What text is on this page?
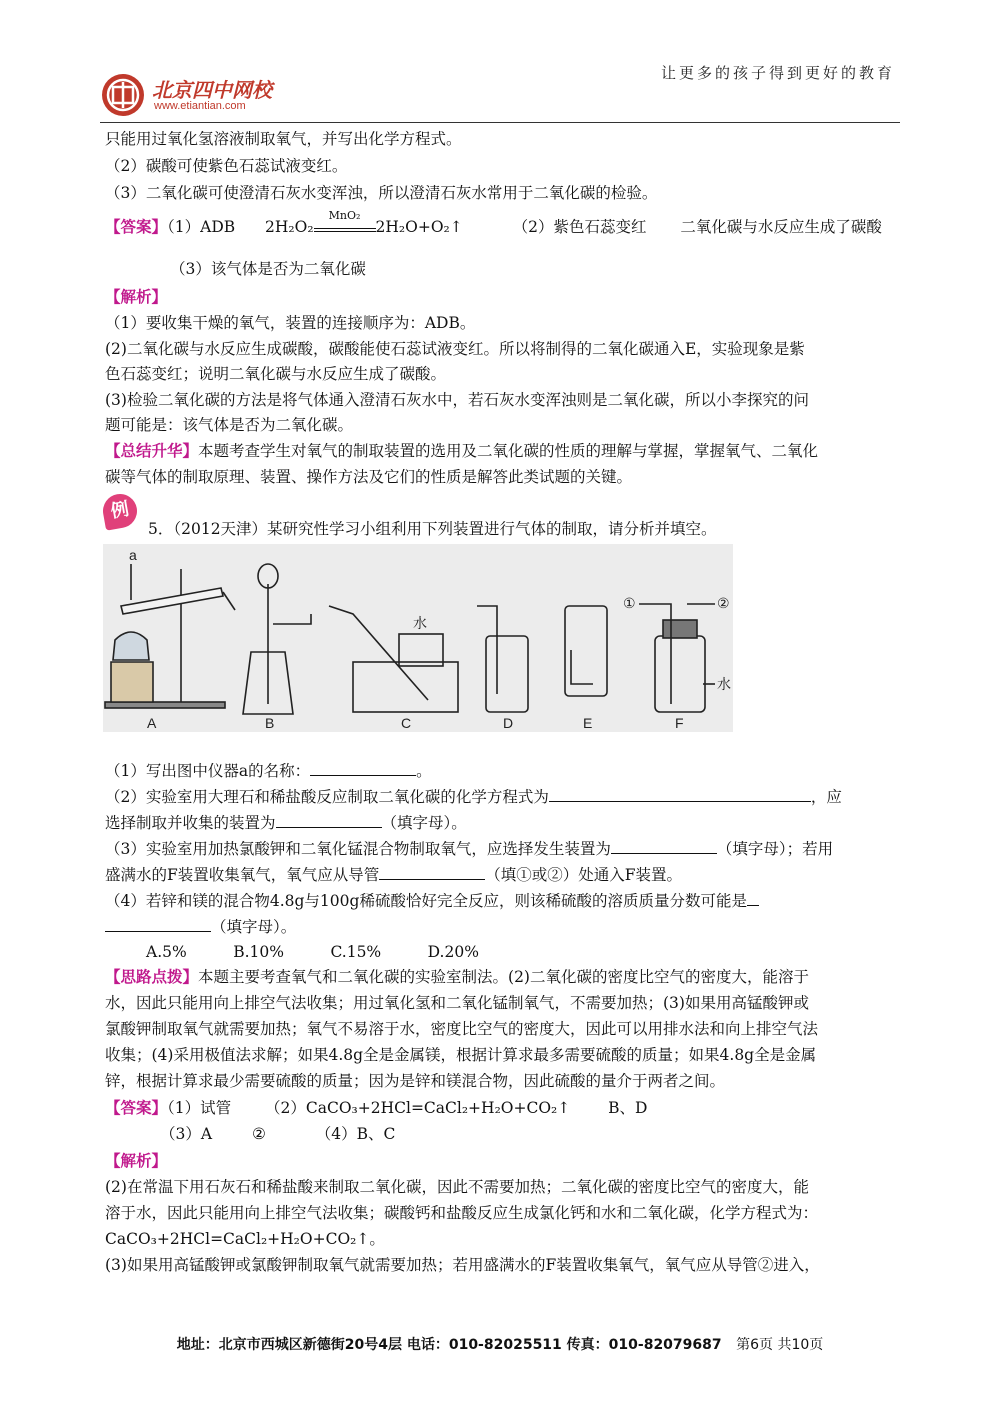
北京四中网校
www.etiantian.com
让更多的孩子得到更好的教育
只能用过氧化氢溶液制取氧气，并写出化学方程式。
（2）碳酸可使紫色石蕊试液变红。
（3）二氧化碳可使澄清石灰水变浑浊，所以澄清石灰水常用于二氧化碳的检验。
【答案】（1）ADB 2H₂O₂
MnO₂
2H₂O+O₂↑	（2）紫色石蕊变红 二氧化碳与水反应生成了碳酸
（3）该气体是否为二氧化碳
【解析】
（1）要收集干燥的氧气，装置的连接顺序为：ADB。
(2)二氧化碳与水反应生成碳酸，碳酸能使石蕊试液变红。所以将制得的二氧化碳通入E，实验现象是紫
色石蕊变红；说明二氧化碳与水反应生成了碳酸。
(3)检验二氧化碳的方法是将气体通入澄清石灰水中，若石灰水变浑浊则是二氧化碳，所以小李探究的问
题可能是：该气体是否为二氧化碳。
【总结升华】本题考查学生对氧气的制取装置的选用及二氧化碳的性质的理解与掌握，掌握氧气、二氧化
碳等气体的制取原理、装置、操作方法及它们的性质是解答此类试题的关键。
例
5．（2012天津）某研究性学习小组利用下列装置进行气体的制取，请分析并填空。
A	B	C	D	E	F
a
水
水
①	②
（1）写出图中仪器a的名称：	。
（2）实验室用大理石和稀盐酸反应制取二氧化碳的化学方程式为	，应
选择制取并收集的装置为	（填字母）。
（3）实验室用加热氯酸钾和二氧化锰混合物制取氧气，应选择发生装置为	（填字母）；若用
盛满水的F装置收集氧气，氧气应从导管	（填①或②）处通入F装置。
（4）若锌和镁的混合物4.8g与100g稀硫酸恰好完全反应，则该稀硫酸的溶质质量分数可能是
（填字母）。
A.5%　　　B.10%　　　C.15%　　　D.20%
【思路点拨】本题主要考查氧气和二氧化碳的实验室制法。(2)二氧化碳的密度比空气的密度大，能溶于
水，因此只能用向上排空气法收集；用过氧化氢和二氧化锰制氧气，不需要加热；(3)如果用高锰酸钾或
氯酸钾制取氧气就需要加热；氧气不易溶于水，密度比空气的密度大，因此可以用排水法和向上排空气法
收集；(4)采用极值法求解；如果4.8g全是金属镁，根据计算求最多需要硫酸的质量；如果4.8g全是金属
锌，根据计算求最少需要硫酸的质量；因为是锌和镁混合物，因此硫酸的量介于两者之间。
【答案】（1）试管 （2）CaCO₃+2HCl=CaCl₂+H₂O+CO₂↑ B、D
（3）A	②	（4）B、C
【解析】
(2)在常温下用石灰石和稀盐酸来制取二氧化碳，因此不需要加热；二氧化碳的密度比空气的密度大，能
溶于水，因此只能用向上排空气法收集；碳酸钙和盐酸反应生成氯化钙和水和二氧化碳，化学方程式为：
CaCO₃+2HCl=CaCl₂+H₂O+CO₂↑。
(3)如果用高锰酸钾或氯酸钾制取氧气就需要加热；若用盛满水的F装置收集氧气，氧气应从导管②进入，
地址：北京市西城区新德街20号4层 电话：010-82025511 传真：010-82079687 第6页 共10页
